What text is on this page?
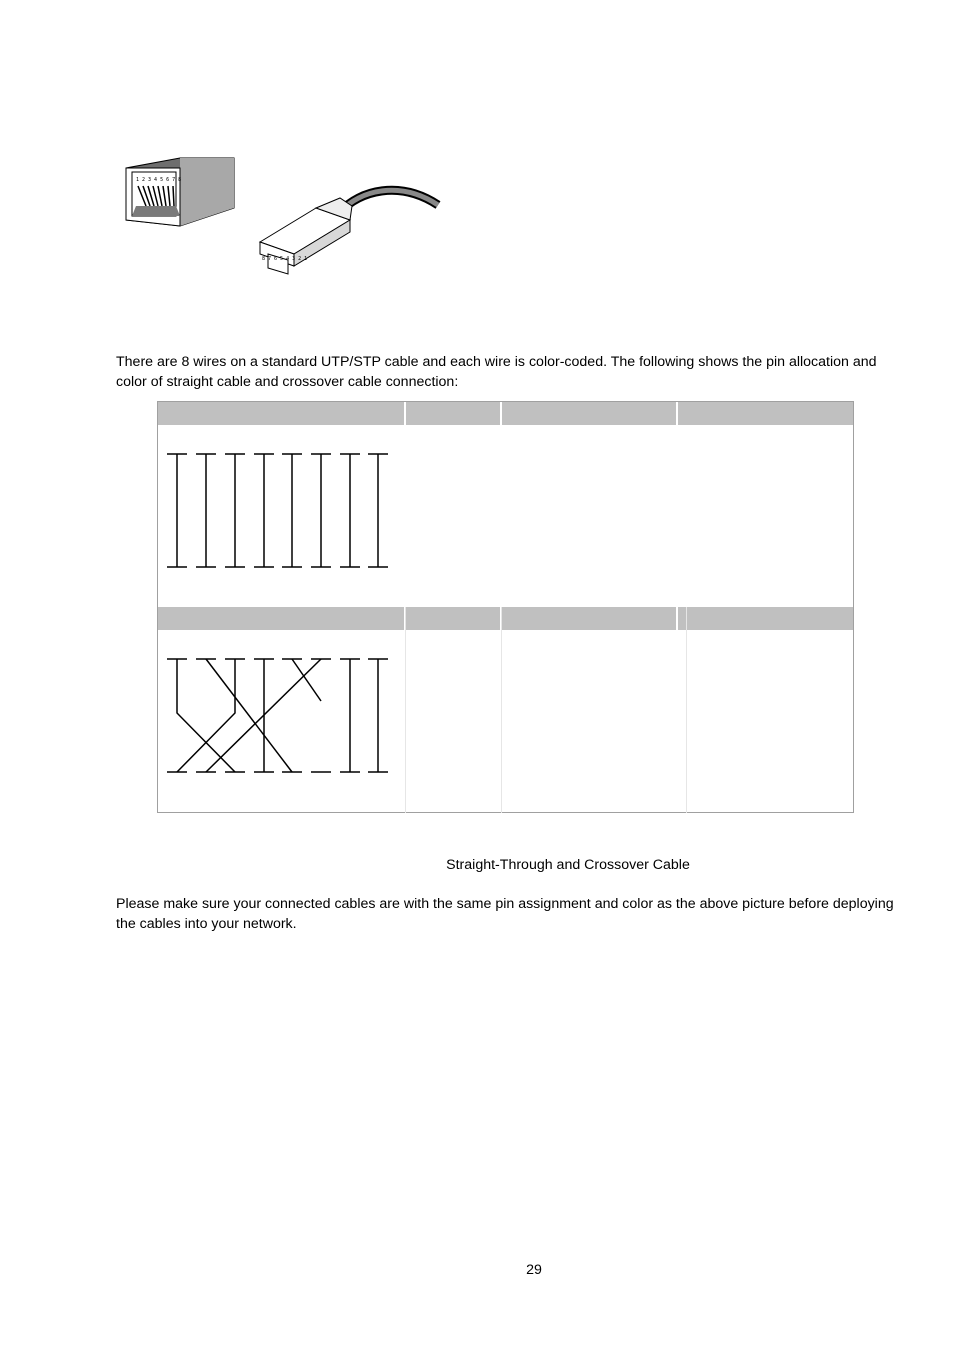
1 2 3 4 5 6 7 8
8 7 6 5 4 3 2 1

There are 8 wires on a standard UTP/STP cable and each wire is color-coded. The following shows the pin allocation and color of straight cable and crossover cable connection:

Straight-Through and Crossover Cable

Please make sure your connected cables are with the same pin assignment and color as the above picture before deploying the cables into your network.

29
